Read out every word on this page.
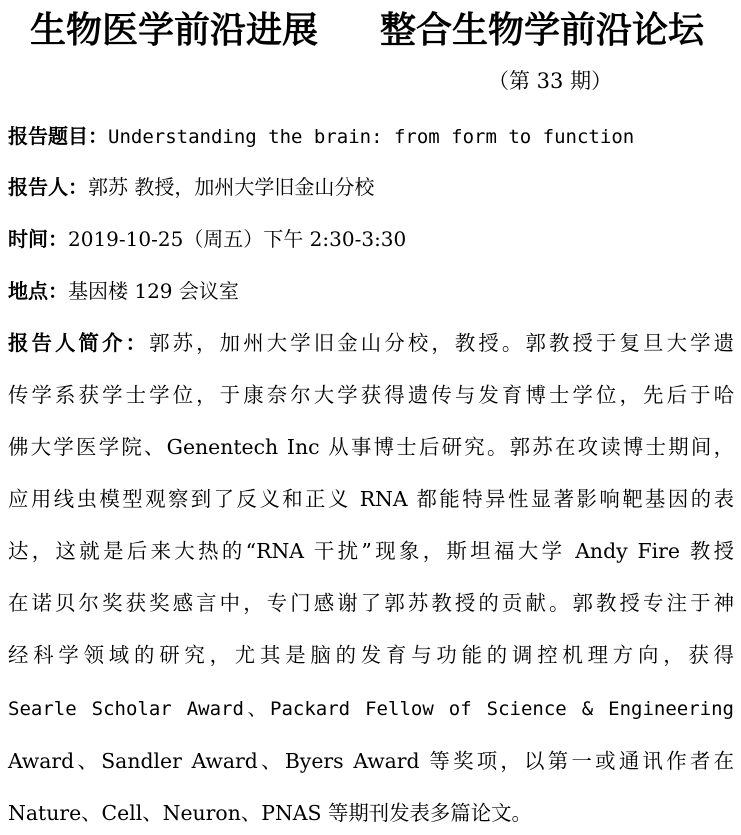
生物医学前沿进展 整合生物学前沿论坛
（第 33 期）
报告题目：Understanding the brain: from form to function
报告人：郭苏 教授，加州大学旧金山分校
时间：2019-10-25（周五）下午 2:30-3:30
地点：基因楼 129 会议室
报告人简介：郭苏，加州大学旧金山分校，教授。郭教授于复旦大学遗
传学系获学士学位，于康奈尔大学获得遗传与发育博士学位，先后于哈
佛大学医学院、Genentech Inc 从事博士后研究。郭苏在攻读博士期间，
应用线虫模型观察到了反义和正义 RNA 都能特异性显著影响靶基因的表
达，这就是后来大热的“RNA 干扰”现象，斯坦福大学 Andy Fire 教授
在诺贝尔奖获奖感言中，专门感谢了郭苏教授的贡献。郭教授专注于神
经科学领域的研究，尤其是脑的发育与功能的调控机理方向，获得
Searle Scholar Award、Packard Fellow of Science & Engineering
Award、Sandler Award、Byers Award 等奖项，以第一或通讯作者在
Nature、Cell、Neuron、PNAS 等期刊发表多篇论文。
